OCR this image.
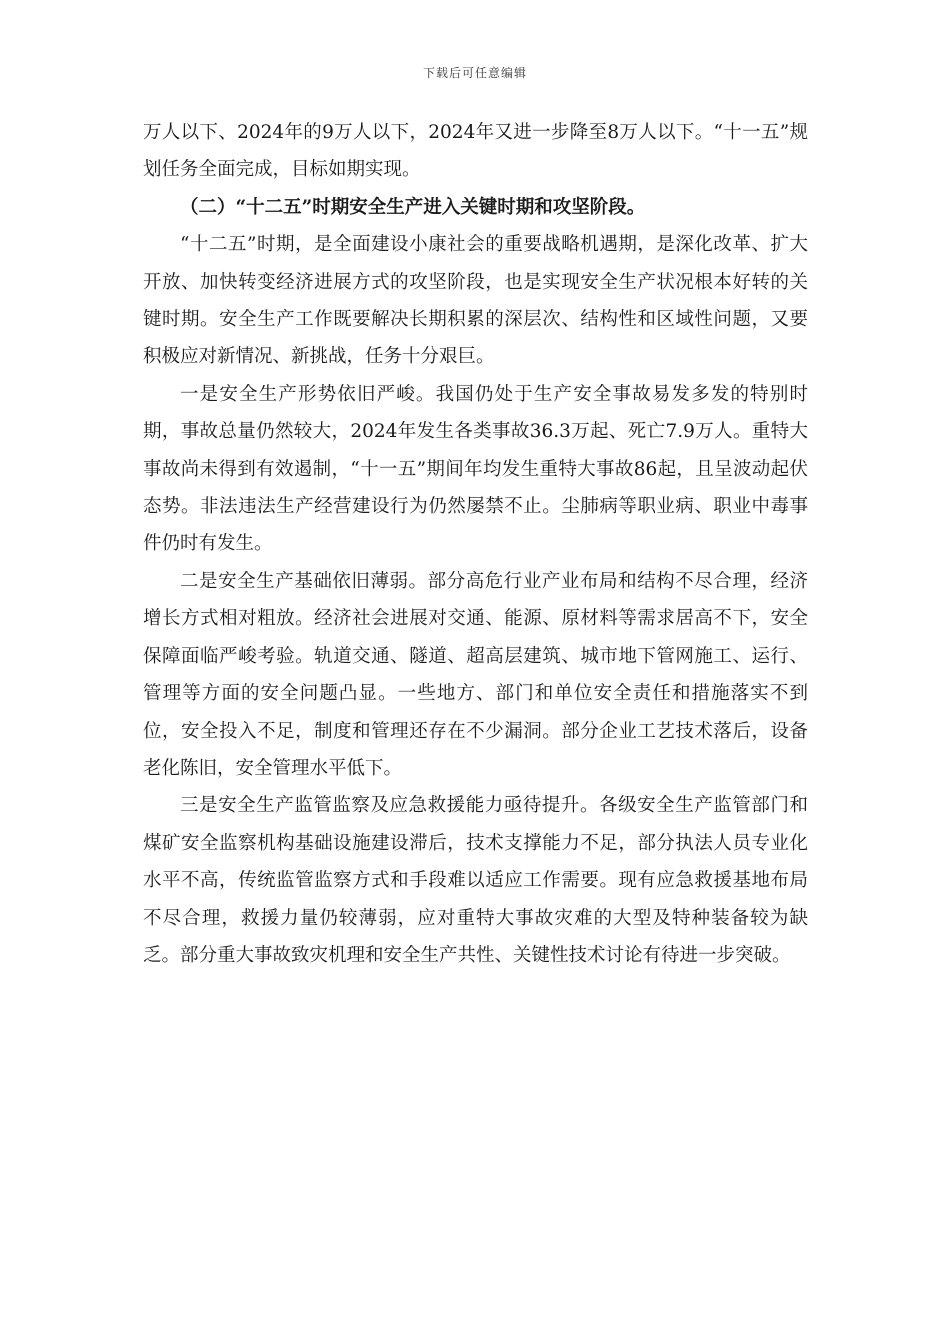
下载后可任意编辑

万人以下、2024年的9万人以下，2024年又进一步降至8万人以下。“十一五”规划任务全面完成，目标如期实现。

（二）“十二五”时期安全生产进入关键时期和攻坚阶段。

“十二五”时期，是全面建设小康社会的重要战略机遇期，是深化改革、扩大开放、加快转变经济进展方式的攻坚阶段，也是实现安全生产状况根本好转的关键时期。安全生产工作既要解决长期积累的深层次、结构性和区域性问题，又要积极应对新情况、新挑战，任务十分艰巨。

一是安全生产形势依旧严峻。我国仍处于生产安全事故易发多发的特别时期，事故总量仍然较大，2024年发生各类事故36.3万起、死亡7.9万人。重特大事故尚未得到有效遏制，“十一五”期间年均发生重特大事故86起，且呈波动起伏态势。非法违法生产经营建设行为仍然屡禁不止。尘肺病等职业病、职业中毒事件仍时有发生。

二是安全生产基础依旧薄弱。部分高危行业产业布局和结构不尽合理，经济增长方式相对粗放。经济社会进展对交通、能源、原材料等需求居高不下，安全保障面临严峻考验。轨道交通、隧道、超高层建筑、城市地下管网施工、运行、管理等方面的安全问题凸显。一些地方、部门和单位安全责任和措施落实不到位，安全投入不足，制度和管理还存在不少漏洞。部分企业工艺技术落后，设备老化陈旧，安全管理水平低下。

三是安全生产监管监察及应急救援能力亟待提升。各级安全生产监管部门和煤矿安全监察机构基础设施建设滞后，技术支撑能力不足，部分执法人员专业化水平不高，传统监管监察方式和手段难以适应工作需要。现有应急救援基地布局不尽合理，救援力量仍较薄弱，应对重特大事故灾难的大型及特种装备较为缺乏。部分重大事故致灾机理和安全生产共性、关键性技术讨论有待进一步突破。
